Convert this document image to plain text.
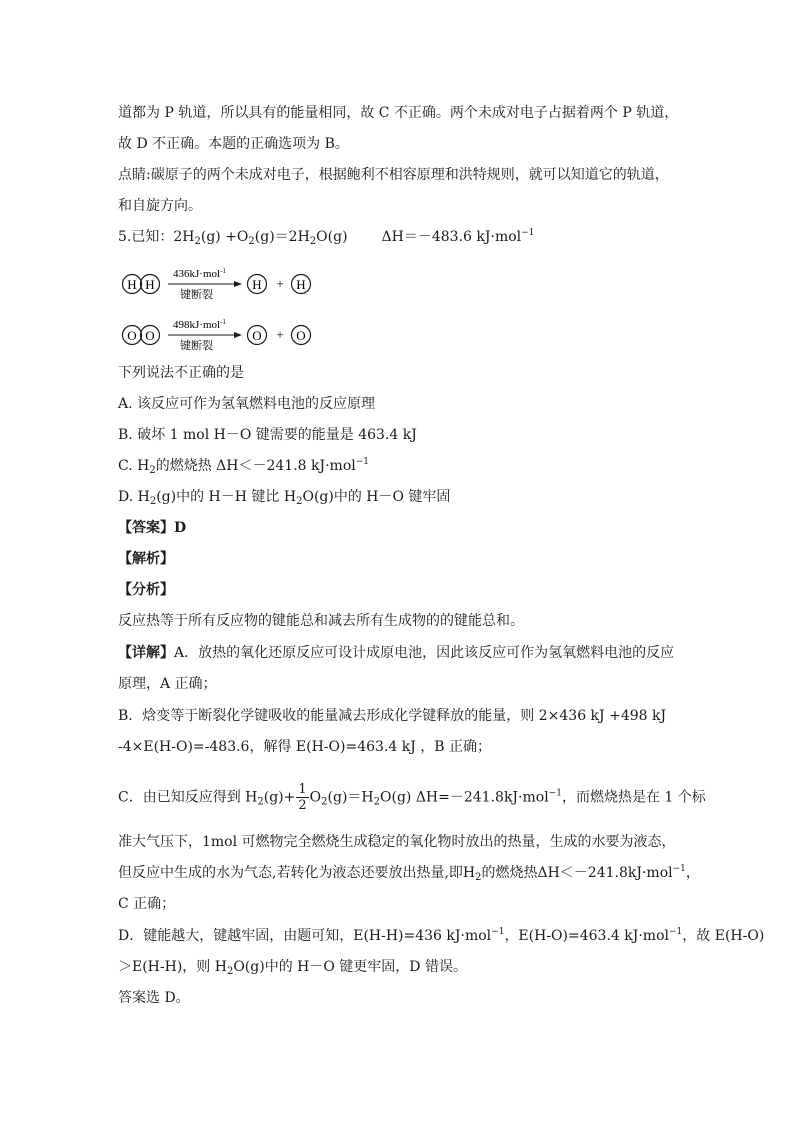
道都为 P 轨道，所以具有的能量相同，故 C 不正确。两个未成对电子占据着两个 P 轨道，
故 D 不正确。本题的正确选项为 B。
点睛:碳原子的两个未成对电子，根据鲍利不相容原理和洪特规则，就可以知道它的轨道，
和自旋方向。
5.已知：$2H_2(g) +O_2(g)=2H_2O(g)$ ΔH＝－483.6 kJ·mol$^{-1}$
H H
436kJ·mol$^{-1}$
键断裂
H + H
O O
498kJ·mol$^{-1}$
键断裂
O + O
下列说法不正确的是
A. 该反应可作为氢氧燃料电池的反应原理
B. 破坏 1 mol H－O 键需要的能量是 463.4 kJ
C. $H_2$的燃烧热 ΔH＜－241.8 kJ·mol$^{-1}$
D. $H_2(g)$中的 H－H 键比 $H_2O(g)$中的 H－O 键牢固
【答案】D
【解析】
【分析】
反应热等于所有反应物的键能总和减去所有生成物的的键能总和。
【详解】A．放热的氧化还原反应可设计成原电池，因此该反应可作为氢氧燃料电池的反应
原理，A 正确；
B．焓变等于断裂化学键吸收的能量减去形成化学键释放的能量，则 2×436 kJ +498 kJ
-4×E(H-O)=-483.6，解得 E(H-O)=463.4 kJ ，B 正确；
C．由已知反应得到 $H_2(g)+ \frac{1}{2} O_2(g)=H_2O(g)$ ΔH=－241.8kJ·mol$^{-1}$，而燃烧热是在 1 个标
准大气压下，1mol 可燃物完全燃烧生成稳定的氧化物时放出的热量，生成的水要为液态，
但反应中生成的水为气态,若转化为液态还要放出热量,即$H_2$的燃烧热ΔH＜－241.8kJ·mol$^{-1}$，
C 正确；
D．键能越大，键越牢固，由题可知，E(H-H)=436 kJ·mol$^{-1}$，E(H-O)=463.4 kJ·mol$^{-1}$，故 E(H-O)
＞E(H-H)，则 $H_2O(g)$中的 H－O 键更牢固，D 错误。
答案选 D。
